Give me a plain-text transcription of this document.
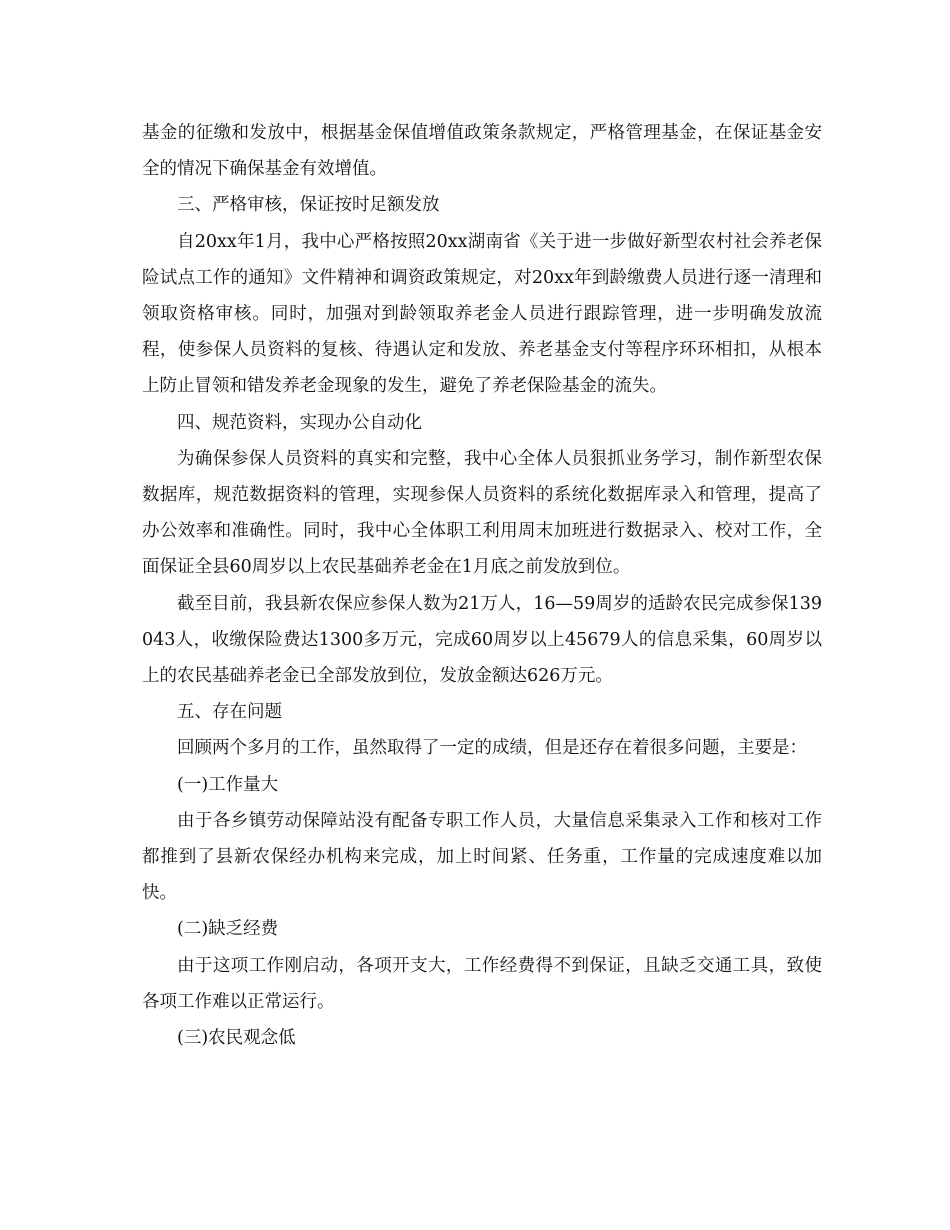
基金的征缴和发放中，根据基金保值增值政策条款规定，严格管理基金，在保证基金安全的情况下确保基金有效增值。

三、严格审核，保证按时足额发放

自20xx年1月，我中心严格按照20xx湖南省《关于进一步做好新型农村社会养老保险试点工作的通知》文件精神和调资政策规定，对20xx年到龄缴费人员进行逐一清理和领取资格审核。同时，加强对到龄领取养老金人员进行跟踪管理，进一步明确发放流程，使参保人员资料的复核、待遇认定和发放、养老基金支付等程序环环相扣，从根本上防止冒领和错发养老金现象的发生，避免了养老保险基金的流失。

四、规范资料，实现办公自动化

为确保参保人员资料的真实和完整，我中心全体人员狠抓业务学习，制作新型农保数据库，规范数据资料的管理，实现参保人员资料的系统化数据库录入和管理，提高了办公效率和准确性。同时，我中心全体职工利用周末加班进行数据录入、校对工作，全面保证全县60周岁以上农民基础养老金在1月底之前发放到位。

截至目前，我县新农保应参保人数为21万人，16—59周岁的适龄农民完成参保139043人，收缴保险费达1300多万元，完成60周岁以上45679人的信息采集，60周岁以上的农民基础养老金已全部发放到位，发放金额达626万元。

五、存在问题

回顾两个多月的工作，虽然取得了一定的成绩，但是还存在着很多问题，主要是：

(一)工作量大

由于各乡镇劳动保障站没有配备专职工作人员，大量信息采集录入工作和核对工作都推到了县新农保经办机构来完成，加上时间紧、任务重，工作量的完成速度难以加快。

(二)缺乏经费

由于这项工作刚启动，各项开支大，工作经费得不到保证，且缺乏交通工具，致使各项工作难以正常运行。

(三)农民观念低
